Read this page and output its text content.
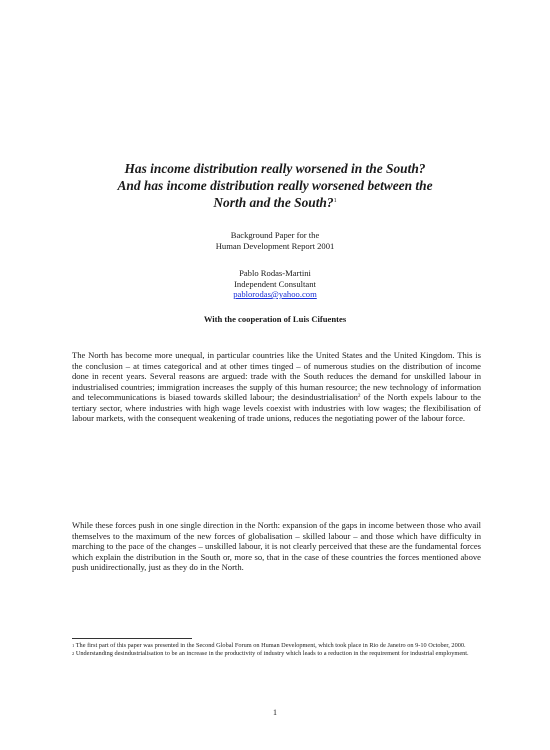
Has income distribution really worsened in the South?
And has income distribution really worsened between the
North and the South?$^1$
Background Paper for the
Human Development Report 2001
Pablo Rodas-Martini
Independent Consultant
pablorodas@yahoo.com
With the cooperation of Luis Cifuentes
The North has become more unequal, in particular countries like the United States and the United Kingdom. This is the conclusion – at times categorical and at other times tinged – of numerous studies on the distribution of income done in recent years. Several reasons are argued: trade with the South reduces the demand for unskilled labour in industrialised countries; immigration increases the supply of this human resource; the new technology of information and telecommunications is biased towards skilled labour; the desindustrialisation$^2$ of the North expels labour to the tertiary sector, where industries with high wage levels coexist with industries with low wages; the flexibilisation of labour markets, with the consequent weakening of trade unions, reduces the negotiating power of the labour force.
While these forces push in one single direction in the North: expansion of the gaps in income between those who avail themselves to the maximum of the new forces of globalisation – skilled labour – and those which have difficulty in marching to the pace of the changes – unskilled labour, it is not clearly perceived that these are the fundamental forces which explain the distribution in the South or, more so, that in the case of these countries the forces mentioned above push unidirectionally, just as they do in the North.

$^1$ The first part of this paper was presented in the Second Global Forum on Human Development, which took place in Rio de Janeiro on 9-10 October, 2000.

$^2$ Understanding desindustrialisation to be an increase in the productivity of industry which leads to a reduction in the requirement for industrial employment.

1
